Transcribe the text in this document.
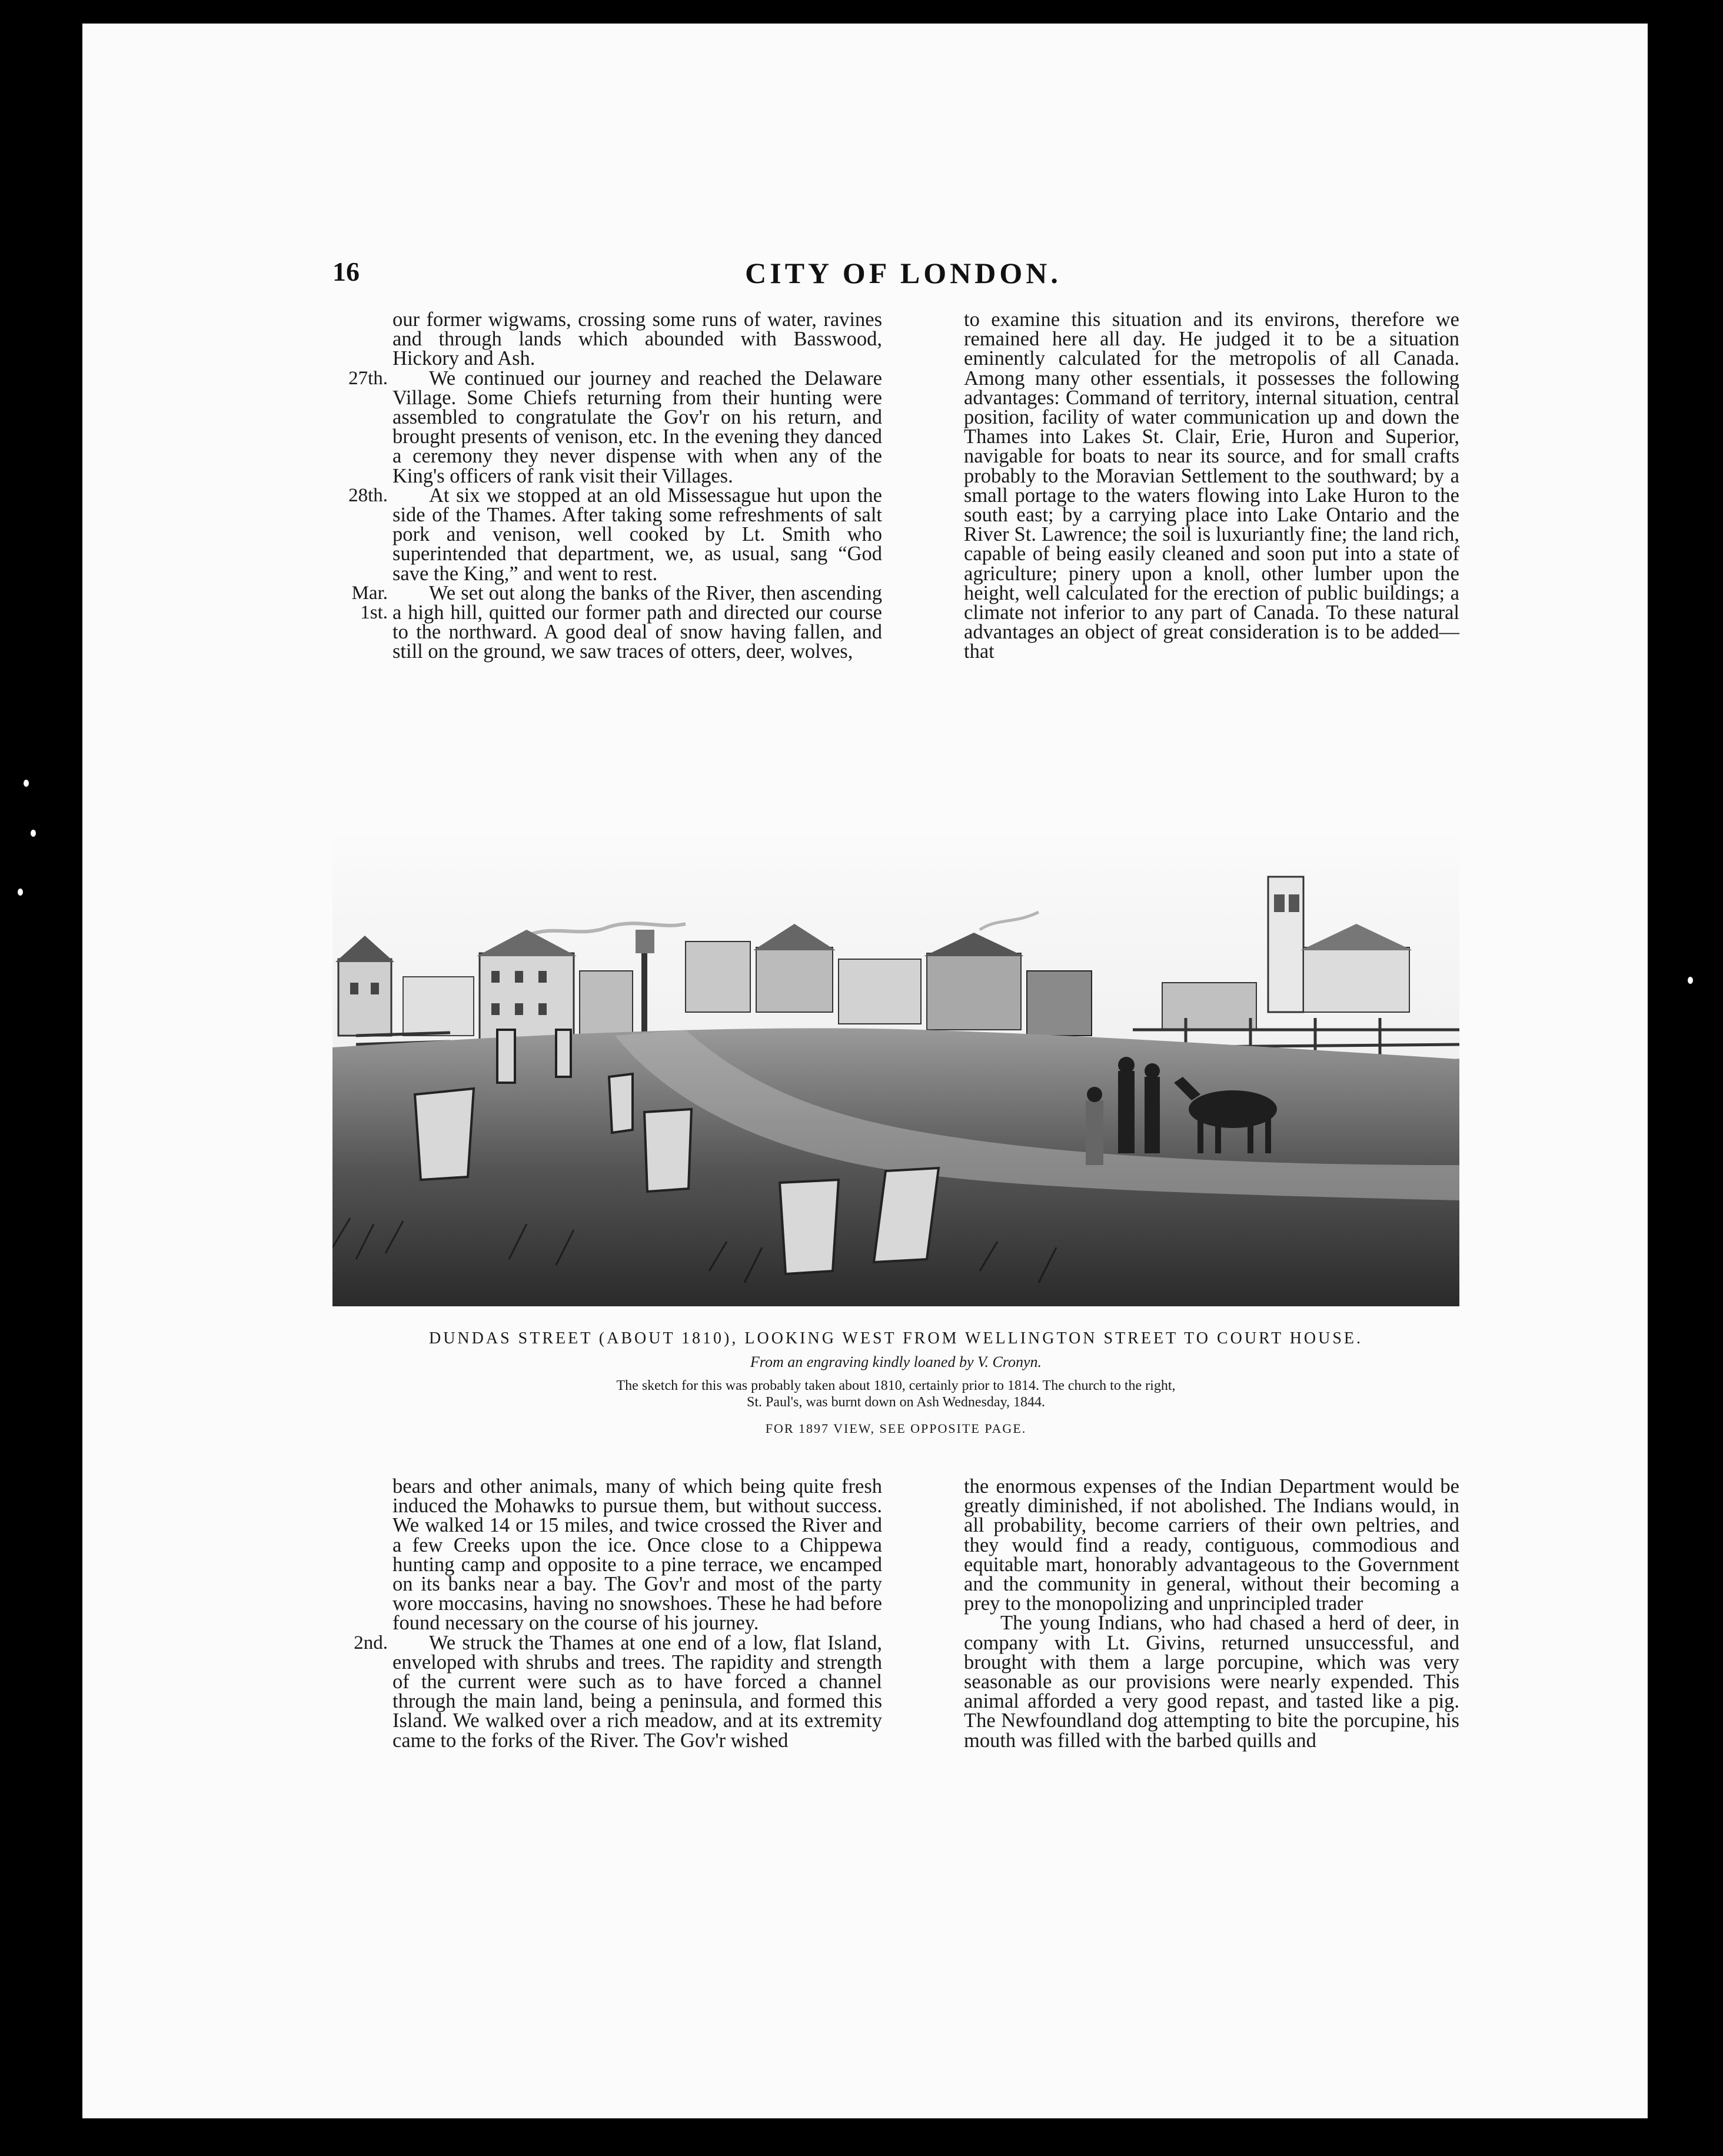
16	CITY OF LONDON.

our former wigwams, crossing some runs of water, ravines and through lands which abounded with Basswood, Hickory and Ash.

27th.	We continued our journey and reached the Delaware Village. Some Chiefs returning from their hunting were assembled to congratulate the Gov'r on his return, and brought presents of venison, etc. In the evening they danced a ceremony they never dispense with when any of the King's officers of rank visit their Villages.

28th.	At six we stopped at an old Missessague hut upon the side of the Thames. After taking some refreshments of salt pork and venison, well cooked by Lt. Smith who superintended that department, we, as usual, sang “God save the King,” and went to rest.

Mar. 1st.

We set out along the banks of the River, then ascending a high hill, quitted our former path and directed our course to the northward. A good deal of snow having fallen, and still on the ground, we saw traces of otters, deer, wolves,

to examine this situation and its environs, therefore we remained here all day. He judged it to be a situation eminently calculated for the metropolis of all Canada. Among many other essentials, it possesses the following advantages: Command of territory, internal situation, central position, facility of water communication up and down the Thames into Lakes St. Clair, Erie, Huron and Superior, navigable for boats to near its source, and for small crafts probably to the Moravian Settlement to the southward; by a small portage to the waters flowing into Lake Huron to the south east; by a carrying place into Lake Ontario and the River St. Lawrence; the soil is luxuriantly fine; the land rich, capable of being easily cleaned and soon put into a state of agriculture; pinery upon a knoll, other lumber upon the height, well calculated for the erection of public buildings; a climate not inferior to any part of Canada. To these natural advantages an object of great consideration is to be added—that

DUNDAS STREET (ABOUT 1810), LOOKING WEST FROM WELLINGTON STREET TO COURT HOUSE.
From an engraving kindly loaned by V. Cronyn.
The sketch for this was probably taken about 1810, certainly prior to 1814. The church to the right,
St. Paul's, was burnt down on Ash Wednesday, 1844.
FOR 1897 VIEW, SEE OPPOSITE PAGE.

bears and other animals, many of which being quite fresh induced the Mohawks to pursue them, but without success. We walked 14 or 15 miles, and twice crossed the River and a few Creeks upon the ice. Once close to a Chippewa hunting camp and opposite to a pine terrace, we encamped on its banks near a bay. The Gov'r and most of the party wore moccasins, having no snowshoes. These he had before found necessary on the course of his journey.

2nd.	We struck the Thames at one end of a low, flat Island, enveloped with shrubs and trees. The rapidity and strength of the current were such as to have forced a channel through the main land, being a peninsula, and formed this Island. We walked over a rich meadow, and at its extremity came to the forks of the River. The Gov'r wished

the enormous expenses of the Indian Department would be greatly diminished, if not abolished. The Indians would, in all probability, become carriers of their own peltries, and they would find a ready, contiguous, commodious and equitable mart, honorably advantageous to the Government and the community in general, without their becoming a prey to the monopolizing and unprincipled trader

The young Indians, who had chased a herd of deer, in company with Lt. Givins, returned unsuccessful, and brought with them a large porcupine, which was very seasonable as our provisions were nearly expended. This animal afforded a very good repast, and tasted like a pig. The Newfoundland dog attempting to bite the porcupine, his mouth was filled with the barbed quills and
